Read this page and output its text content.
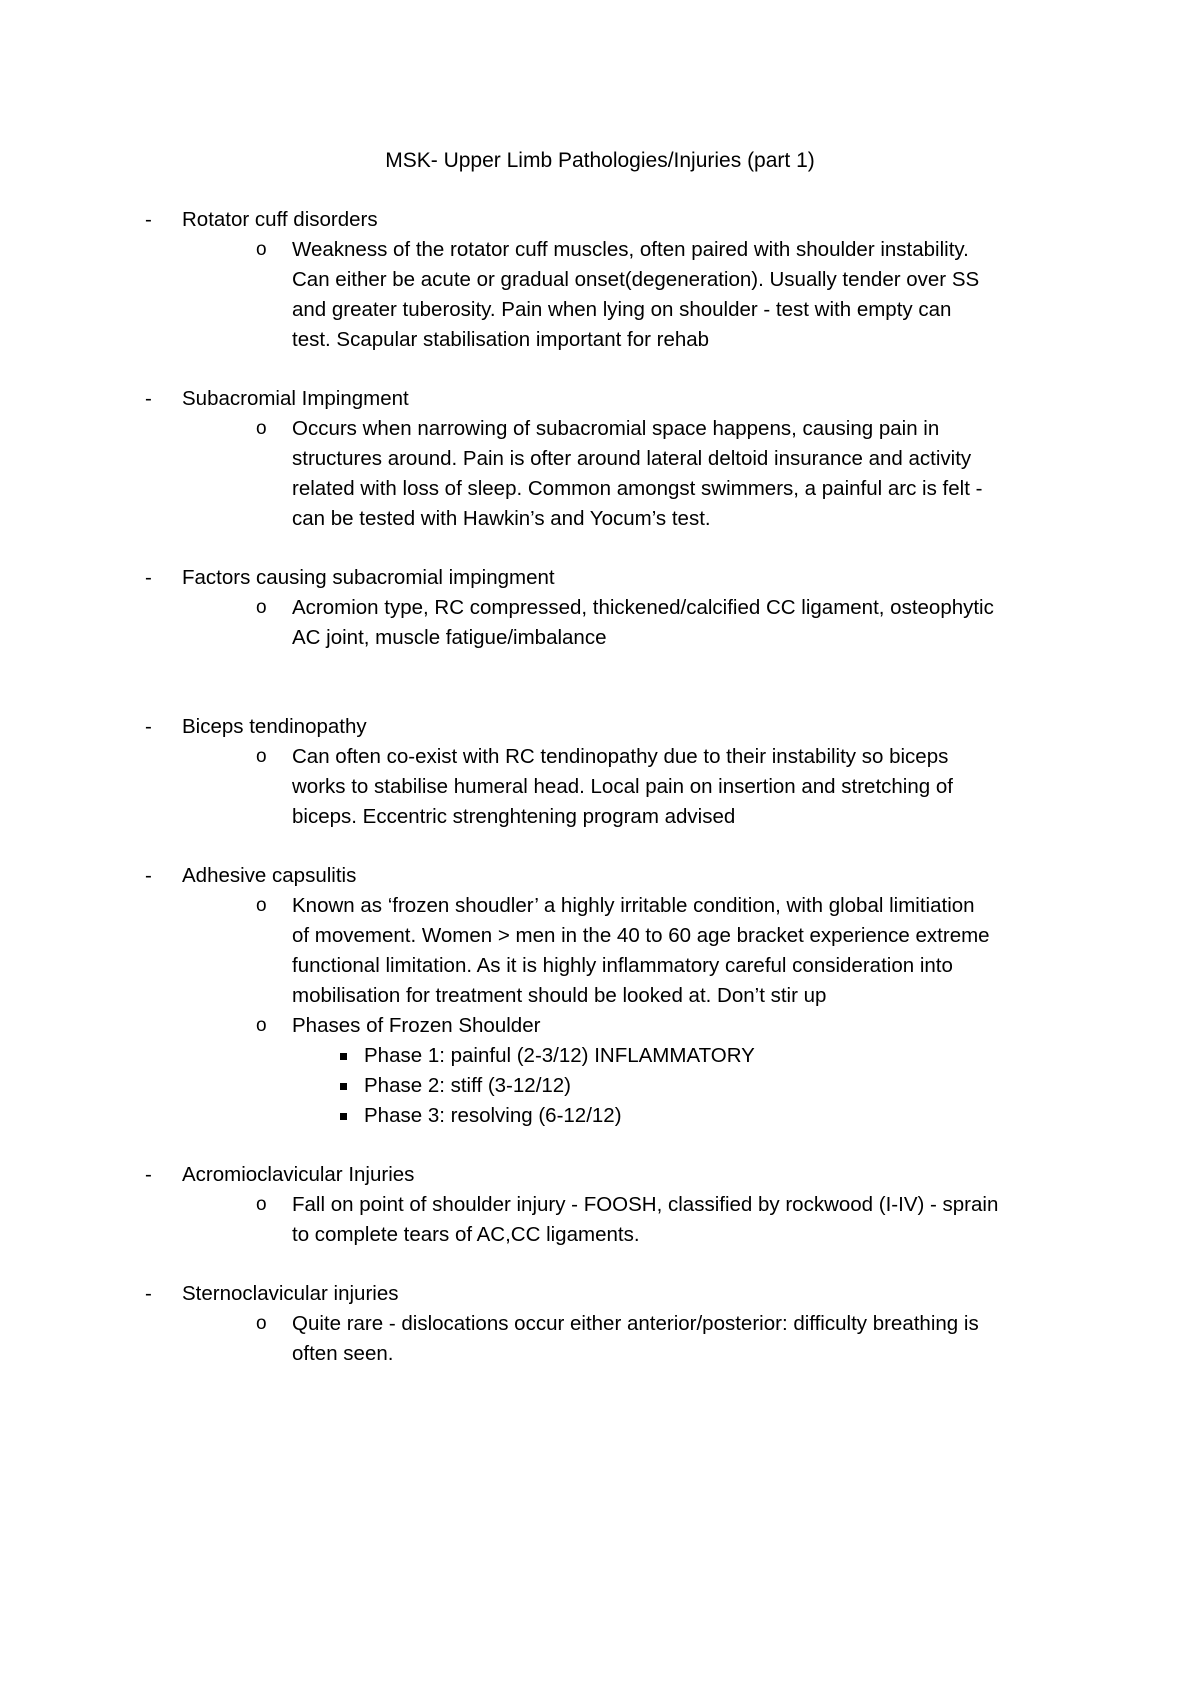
MSK- Upper Limb Pathologies/Injuries (part 1)
- Rotator cuff disorders
o Weakness of the rotator cuff muscles, often paired with shoulder instability.
Can either be acute or gradual onset(degeneration). Usually tender over SS
and greater tuberosity. Pain when lying on shoulder - test with empty can
test. Scapular stabilisation important for rehab
- Subacromial Impingment
o Occurs when narrowing of subacromial space happens, causing pain in
structures around. Pain is ofter around lateral deltoid insurance and activity
related with loss of sleep. Common amongst swimmers, a painful arc is felt -
can be tested with Hawkin’s and Yocum’s test.
- Factors causing subacromial impingment
o Acromion type, RC compressed, thickened/calcified CC ligament, osteophytic
AC joint, muscle fatigue/imbalance
- Biceps tendinopathy
o Can often co-exist with RC tendinopathy due to their instability so biceps
works to stabilise humeral head. Local pain on insertion and stretching of
biceps. Eccentric strenghtening program advised
- Adhesive capsulitis
o Known as ‘frozen shoudler’ a highly irritable condition, with global limitiation
of movement. Women > men in the 40 to 60 age bracket experience extreme
functional limitation. As it is highly inflammatory careful consideration into
mobilisation for treatment should be looked at. Don’t stir up
o Phases of Frozen Shoulder
Phase 1: painful (2-3/12) INFLAMMATORY
Phase 2: stiff (3-12/12)
Phase 3: resolving (6-12/12)
- Acromioclavicular Injuries
o Fall on point of shoulder injury - FOOSH, classified by rockwood (I-IV) - sprain
to complete tears of AC,CC ligaments.
- Sternoclavicular injuries
o Quite rare - dislocations occur either anterior/posterior: difficulty breathing is
often seen.
